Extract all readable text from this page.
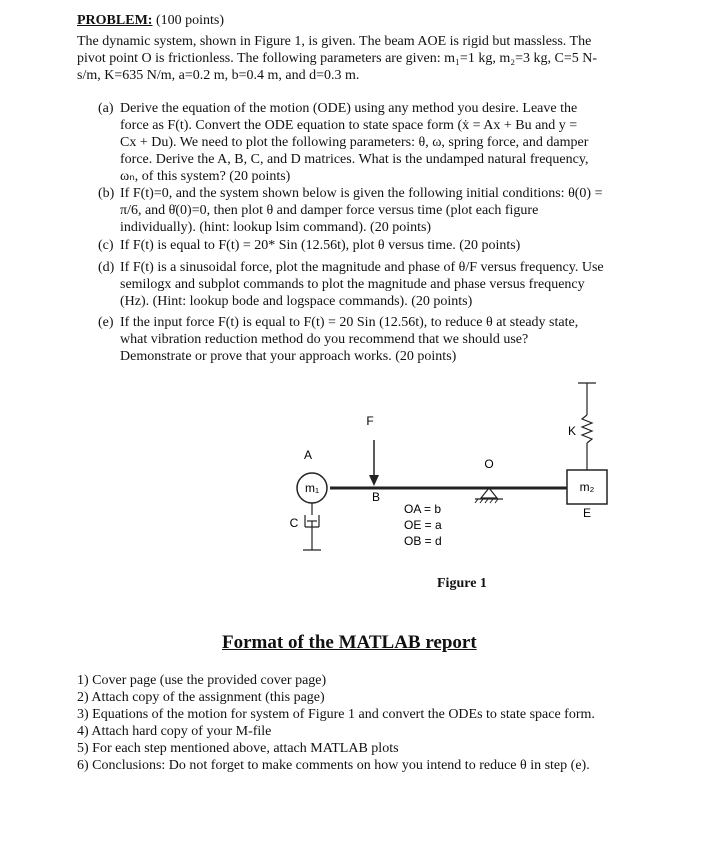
PROBLEM: (100 points)
The dynamic system, shown in Figure 1, is given. The beam AOE is rigid but massless. The
pivot point O is frictionless. The following parameters are given: m₁=1 kg, m₂=3 kg, C=5 N-
s/m, K=635 N/m, a=0.2 m, b=0.4 m, and d=0.3 m.
(a) Derive the equation of the motion (ODE) using any method you desire. Leave the
force as F(t). Convert the ODE equation to state space form (ẋ = Ax + Bu and y =
Cx + Du). We need to plot the following parameters: θ, ω, spring force, and damper
force. Derive the A, B, C, and D matrices. What is the undamped natural frequency,
ωₙ, of this system? (20 points)
(b) If F(t)=0, and the system shown below is given the following initial conditions: θ(0) =
π/6, and θ̇(0)=0, then plot θ and damper force versus time (plot each figure
individually). (hint: lookup lsim command). (20 points)
(c) If F(t) is equal to F(t) = 20* Sin (12.56t), plot θ versus time. (20 points)
(d) If F(t) is a sinusoidal force, plot the magnitude and phase of θ/F versus frequency. Use
semilogx and subplot commands to plot the magnitude and phase versus frequency
(Hz). (Hint: lookup bode and logspace commands). (20 points)
(e) If the input force F(t) is equal to F(t) = 20 Sin (12.56t), to reduce θ at steady state,
what vibration reduction method do you recommend that we should use?
Demonstrate or prove that your approach works. (20 points)
F
A
m₁
C
B
O
m₂
E
K
OA = b
OE = a
OB = d
Figure 1
Format of the MATLAB report
1) Cover page (use the provided cover page)
2) Attach copy of the assignment (this page)
3) Equations of the motion for system of Figure 1 and convert the ODEs to state space form.
4) Attach hard copy of your M-file
5) For each step mentioned above, attach MATLAB plots
6) Conclusions: Do not forget to make comments on how you intend to reduce θ in step (e).
